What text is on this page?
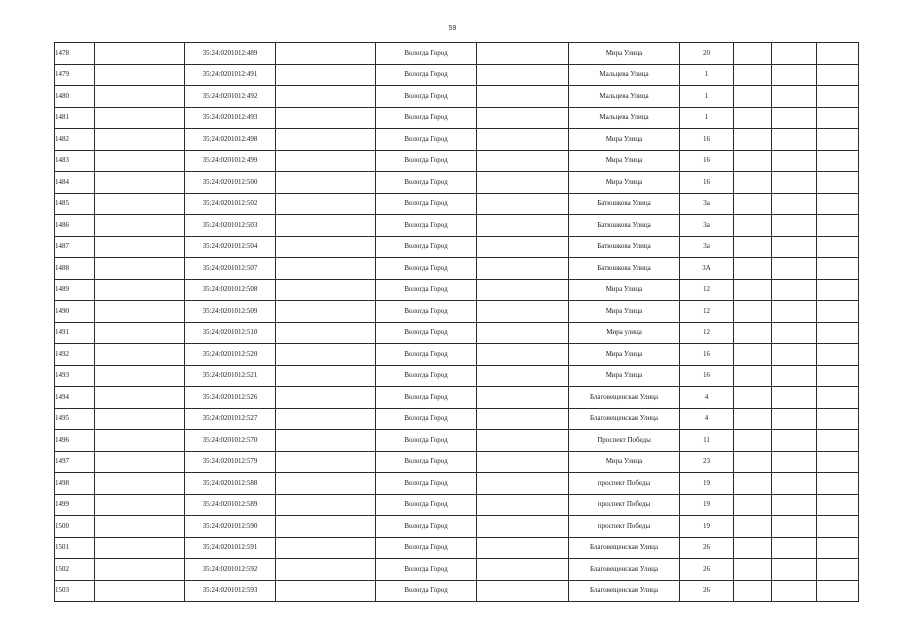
59
1478		35:24:0201012:489		Вологда Город		Мира Улица	20			
1479		35:24:0201012:491		Вологда Город		Мальцева Улица	1			
1480		35:24:0201012:492		Вологда Город		Мальцева Улица	1			
1481		35:24:0201012:493		Вологда Город		Мальцева Улица	1			
1482		35:24:0201012:498		Вологда Город		Мира Улица	16			
1483		35:24:0201012:499		Вологда Город		Мира Улица	16			
1484		35:24:0201012:500		Вологда Город		Мира Улица	16			
1485		35:24:0201012:502		Вологда Город		Батюшкова Улица	3а			
1486		35:24:0201012:503		Вологда Город		Батюшкова Улица	3а			
1487		35:24:0201012:504		Вологда Город		Батюшкова Улица	3а			
1488		35:24:0201012:507		Вологда Город		Батюшкова Улица	3А			
1489		35:24:0201012:508		Вологда Город		Мира Улица	12			
1490		35:24:0201012:509		Вологда Город		Мира Улица	12			
1491		35:24:0201012:510		Вологда Город		Мира улица	12			
1492		35:24:0201012:520		Вологда Город		Мира Улица	16			
1493		35:24:0201012:521		Вологда Город		Мира Улица	16			
1494		35:24:0201012:526		Вологда Город		Благовещенская Улица	4			
1495		35:24:0201012:527		Вологда Город		Благовещенская Улица	4			
1496		35:24:0201012:570		Вологда Город		Проспект Победы	11			
1497		35:24:0201012:579		Вологда Город		Мира Улица	23			
1498		35:24:0201012:588		Вологда Город		проспект Победы	19			
1499		35:24:0201012:589		Вологда Город		проспект Победы	19			
1500		35:24:0201012:590		Вологда Город		проспект Победы	19			
1501		35:24:0201012:591		Вологда Город		Благовещенская Улица	26			
1502		35:24:0201012:592		Вологда Город		Благовещенская Улица	26			
1503		35:24:0201012:593		Вологда Город		Благовещенская Улица	26			
